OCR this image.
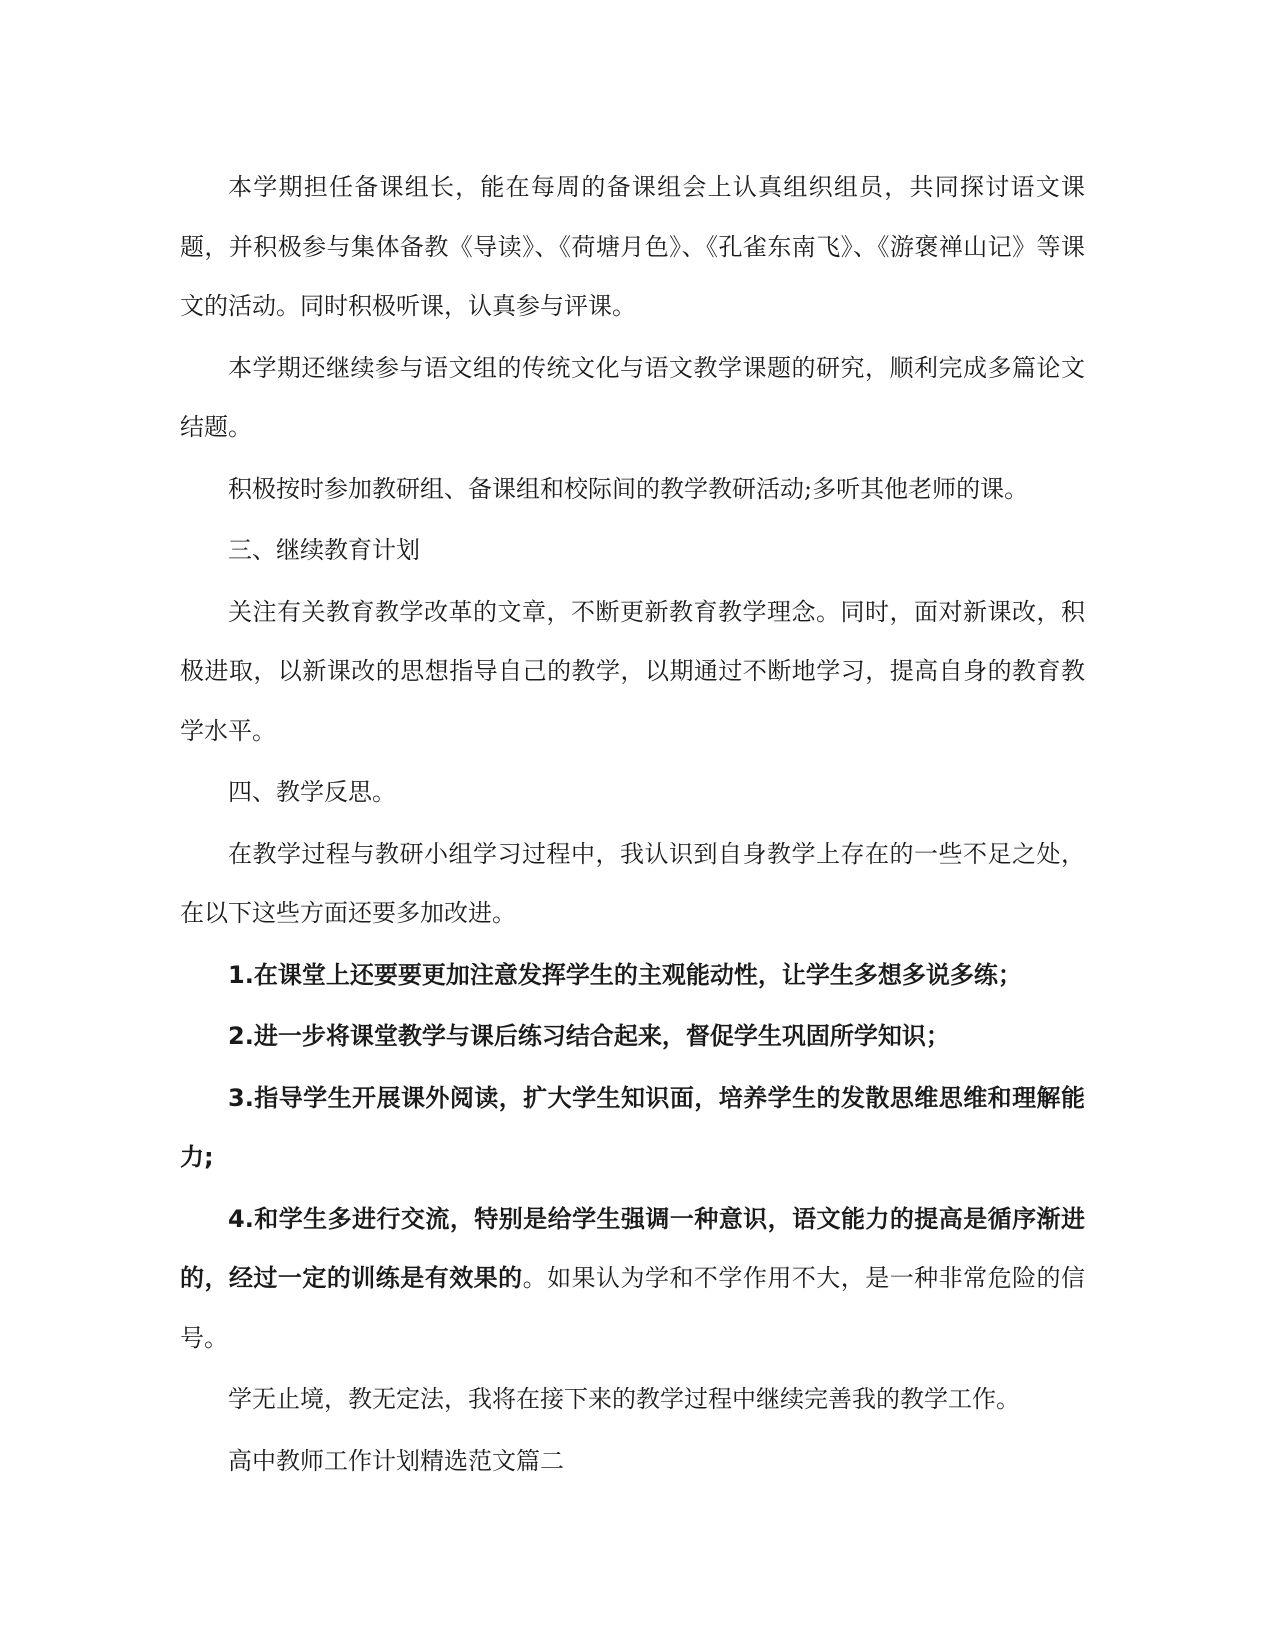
本学期担任备课组长，能在每周的备课组会上认真组织组员，共同探讨语文课题，并积极参与集体备教《导读》、《荷塘月色》、《孔雀东南飞》、《游褒禅山记》等课文的活动。同时积极听课，认真参与评课。

本学期还继续参与语文组的传统文化与语文教学课题的研究，顺利完成多篇论文结题。

积极按时参加教研组、备课组和校际间的教学教研活动;多听其他老师的课。

三、继续教育计划

关注有关教育教学改革的文章，不断更新教育教学理念。同时，面对新课改，积极进取，以新课改的思想指导自己的教学，以期通过不断地学习，提高自身的教育教学水平。

四、教学反思。

在教学过程与教研小组学习过程中，我认识到自身教学上存在的一些不足之处，在以下这些方面还要多加改进。

1.在课堂上还要要更加注意发挥学生的主观能动性，让学生多想多说多练；

2.进一步将课堂教学与课后练习结合起来，督促学生巩固所学知识；

3.指导学生开展课外阅读，扩大学生知识面，培养学生的发散思维思维和理解能力;

4.和学生多进行交流，特别是给学生强调一种意识，语文能力的提高是循序渐进的，经过一定的训练是有效果的。如果认为学和不学作用不大，是一种非常危险的信号。

学无止境，教无定法，我将在接下来的教学过程中继续完善我的教学工作。

高中教师工作计划精选范文篇二
